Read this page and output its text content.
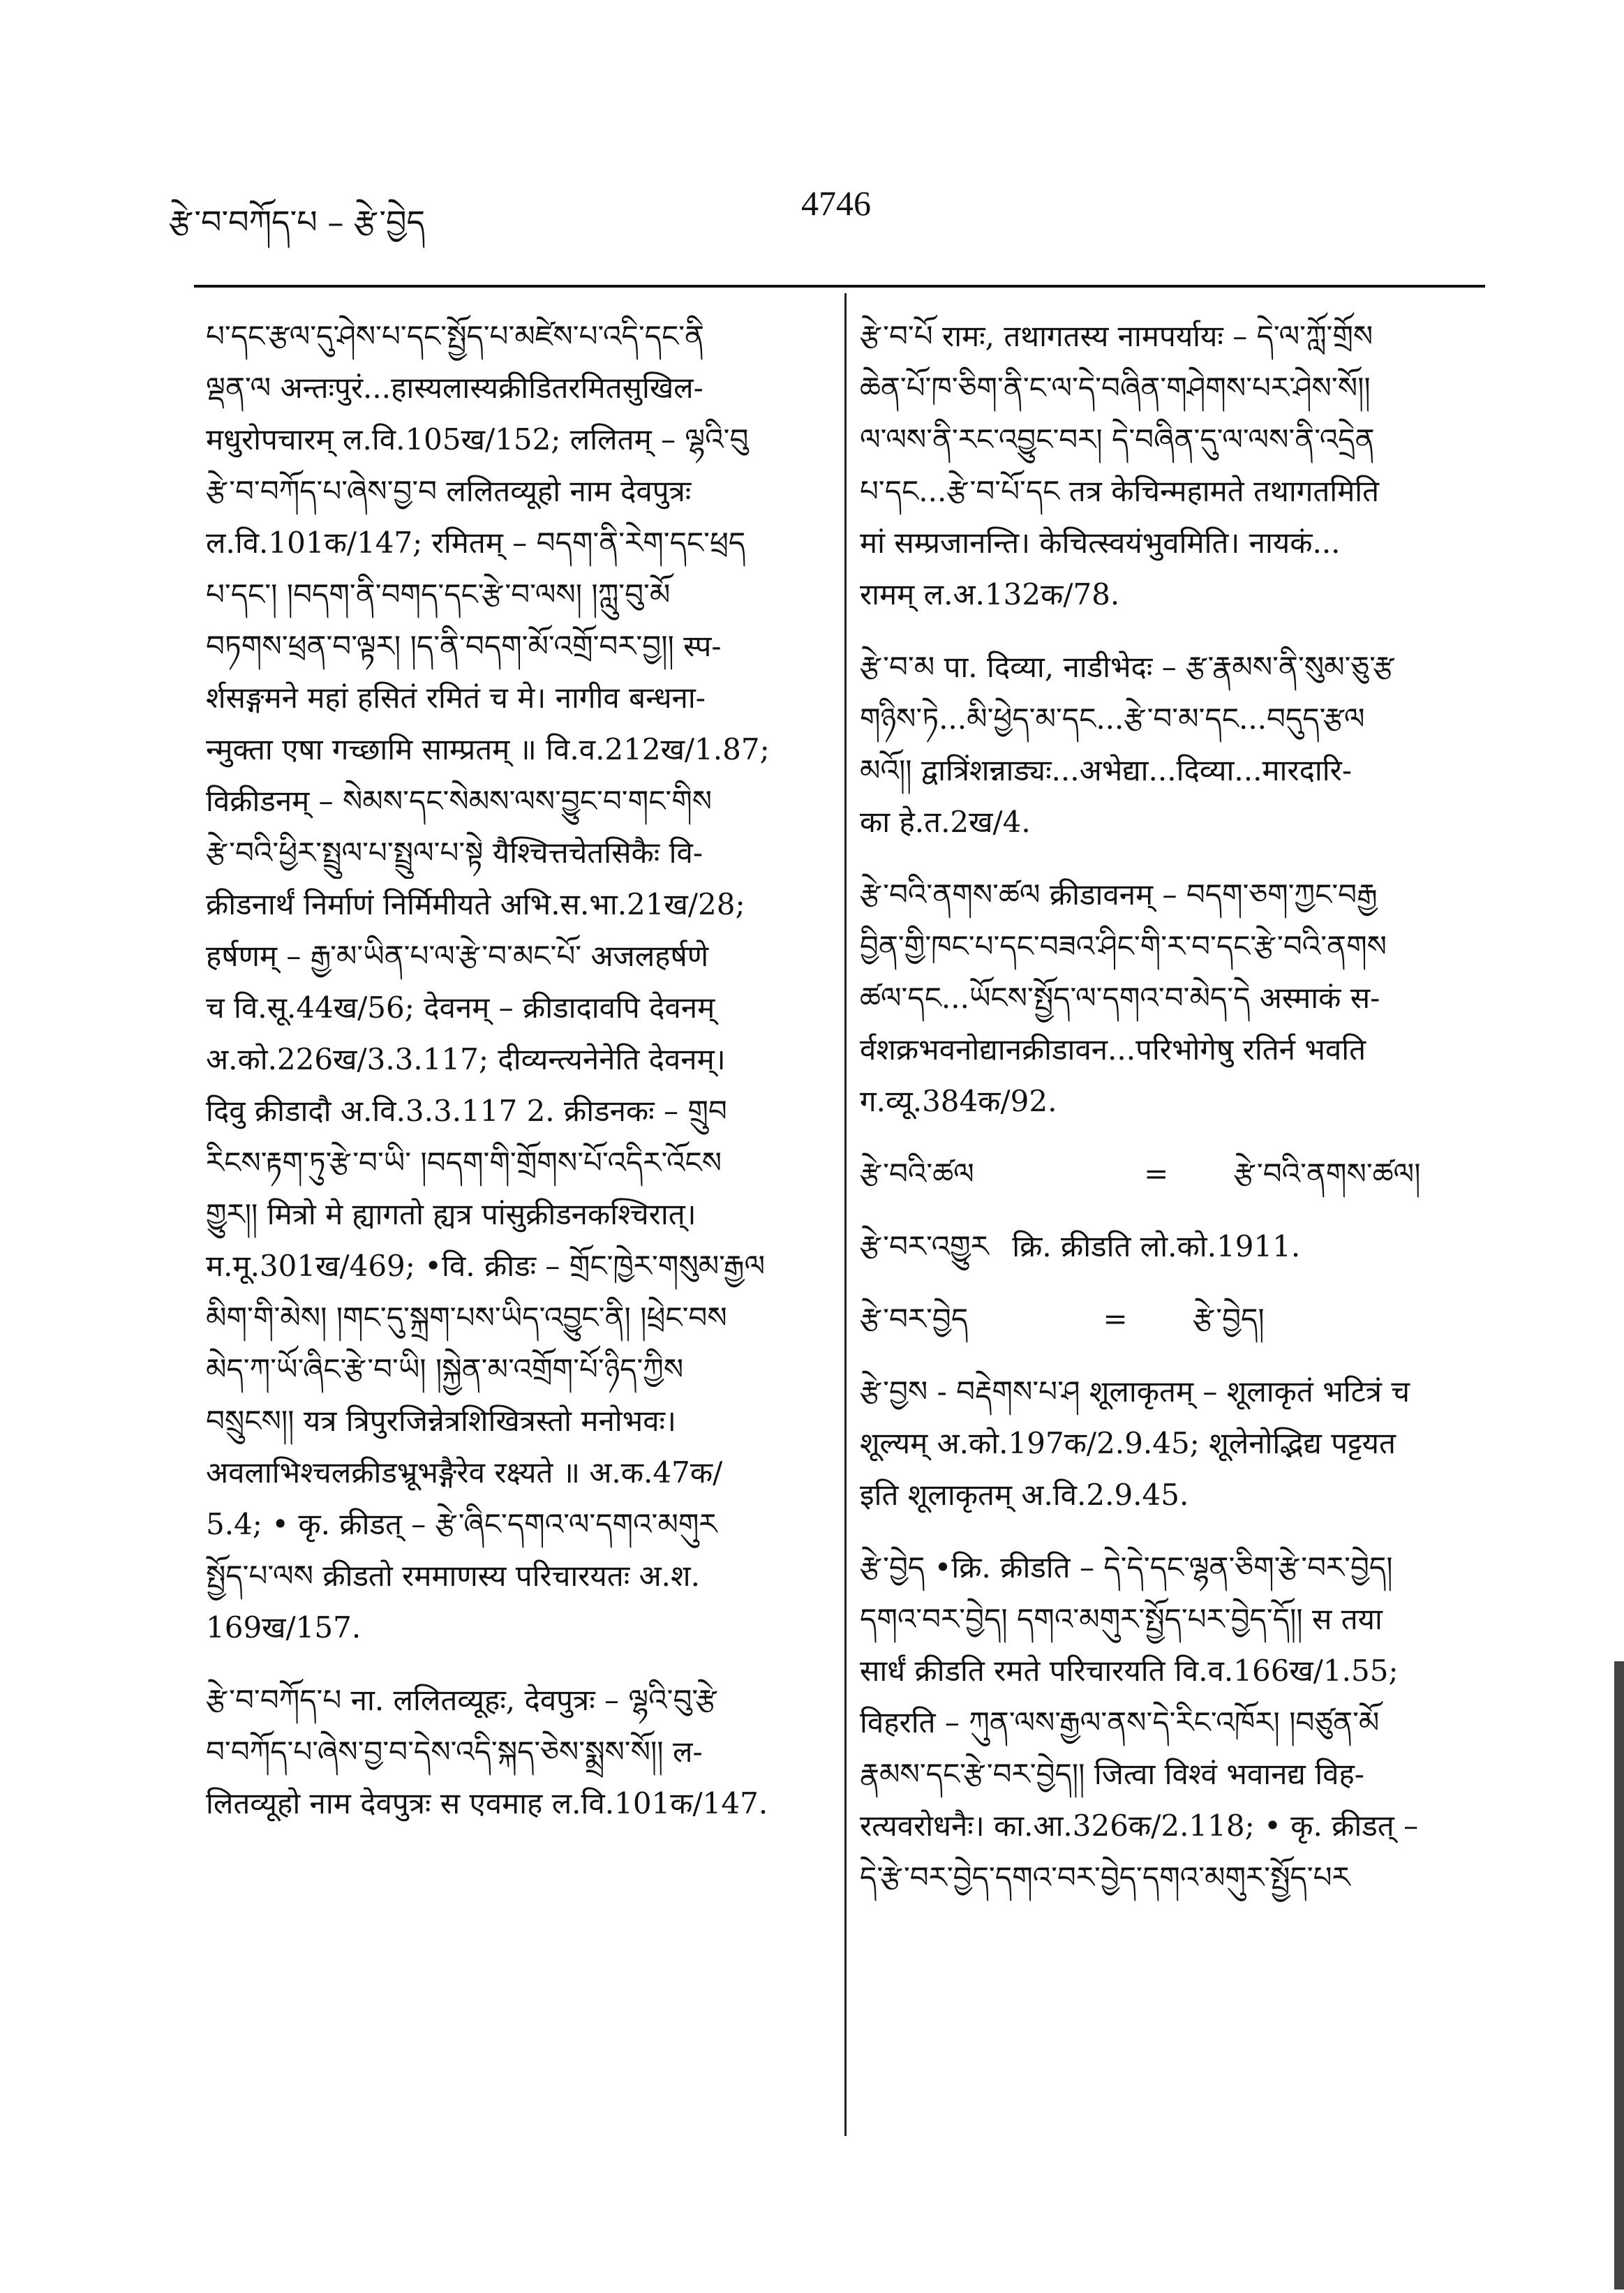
རྩེ་བ་བཀོད་པ – རྩེ་བྱེད	4746
པ་དང་རྩལ་དུ་ཤེས་པ་དང་སྤྱོད་པ་མཛེས་པ་འདི་དང་ནི
ལྡན་ལ अन्तःपुरं...हास्यलास्यक्रीडितरमितसुखिल-
मधुरोपचारम् ल.वि.105ख/152; ललितम् – ལྷའི་བུ
རྩེ་བ་བཀོད་པ་ཞེས་བྱ་བ ललितव्यूहो नाम देवपुत्रः
ल.वि.101क/147; रमितम् – བདག་ནི་རེག་དང་ཕྲད
པ་དང་། །བདག་ནི་བགད་དང་རྩེ་བ་ལས། །ཀླུ་བུ་མོ
བཏགས་ཕྲན་བ་ལྟར། །ད་ནི་བདག་མོ་འགྲོ་བར་བྱ།། स्प-
र्शसङ्गमने महां हसितं रमितं च मे। नागीव बन्धना-
न्मुक्ता एषा गच्छामि साम्प्रतम् ॥ वि.व.212ख/1.87;
विक्रीडनम् – སེམས་དང་སེམས་ལས་བྱུང་བ་གང་གིས
རྩེ་བའི་ཕྱིར་སྤྲུལ་པ་སྤྲུལ་པ་སྟེ यैश्चित्तचेतसिकैः वि-
क्रीडनार्थं निर्माणं निर्मिमीयते अभि.स.भा.21ख/28;
हर्षणम् – རྒྱ་མ་ཡིན་པ་ལ་རྩེ་བ་མང་པོ་ अजलहर्षणे
च वि.सू.44ख/56; देवनम् – क्रीडादावपि देवनम्
अ.को.226ख/3.3.117; दीव्यन्त्यनेनेति देवनम्।
दिवु क्रीडादौ अ.वि.3.3.117 2. क्रीडनकः – གྲུབ
རིངས་རྟག་ཏུ་རྩེ་བ་ཡི་ །བདག་གི་གྲོགས་པོ་འདིར་འོངས
གྱུར།། मित्रो मे ह्यागतो ह्यत्र पांसुक्रीडनकश्चिरात्।
म.मू.301ख/469; •वि. क्रीडः – གྲོང་ཁྱེར་གསུམ་རྒྱལ
མིག་གི་མེས། །གང་དུ་སྐྲག་པས་ཡིད་འབྱུང་ནི། །ཕྲེང་བས
མེད་ཀ་ཡོ་ཞིང་རྩེ་བ་ཡི། །སྐྱེན་མ་འགྲོག་པོ་ཉིད་ཀྱིས
བསྲུངས།། यत्र त्रिपुरजिन्नेत्रशिखित्रस्तो मनोभवः।
अवलाभिश्चलक्रीडभ्रूभङ्गैरेव रक्ष्यते ॥ अ.क.47क/
5.4; • कृ. क्रीडत् – རྩེ་ཞིང་དགའ་ལ་དགའ་མགུར
སྤྱོད་པ་ལས क्रीडतो रममाणस्य परिचारयतः अ.श.
169ख/157.
རྩེ་བ་བཀོད་པ ना. ललितव्यूहः, देवपुत्रः – ལྷའི་བུ་རྩེ
བ་བཀོད་པ་ཞེས་བྱ་བ་དེས་འདི་སྐད་ཅེས་སྨྲས་སོ།། ल-
लितव्यूहो नाम देवपुत्रः स एवमाह ल.वि.101क/147.
རྩེ་བ་པོ रामः, तथागतस्य नामपर्यायः – དེ་ལ་ཀློ་གྲོས
ཆེན་པོ་ཁ་ཅིག་ནི་ང་ལ་དེ་བཞིན་གཤེགས་པར་ཤེས་སོ།།
ལ་ལས་ནི་རང་འབྱུང་བར། དེ་བཞིན་དུ་ལ་ལས་ནི་འདྲེན
པ་དང...རྩེ་བ་པོ་དང तत्र केचिन्महामते तथागतमिति
मां सम्प्रजानन्ति। केचित्स्वयंभुवमिति। नायकं...
रामम् ल.अ.132क/78.
རྩེ་བ་མ पा. दिव्या, नाडीभेदः – རྩ་རྣམས་ནི་སུམ་ཅུ་རྩ
གཉིས་ཏེ...མི་ཕྱེད་མ་དང...རྩེ་བ་མ་དང...བདུད་རྩལ
མའོ།། द्वात्रिंशन्नाड्यः...अभेद्या...दिव्या...मारदारि-
का हे.त.2ख/4.
རྩེ་བའི་ནགས་ཚལ क्रीडावनम् – བདག་ཅག་ཀྱང་བརྒྱ
བྱིན་གྱི་ཁང་པ་དང་བཟའ་ཤིང་གི་ར་བ་དང་རྩེ་བའི་ནགས
ཚལ་དང...ཡོངས་སྤྱོད་ལ་དགའ་བ་མེད་དེ अस्माकं स-
र्वशक्रभवनोद्यानक्रीडावन...परिभोगेषु रतिर्न भवति
ग.व्यू.384क/92.
རྩེ་བའི་ཚལ	= རྩེ་བའི་ནགས་ཚལ།
རྩེ་བར་འགྱུར क्रि. क्रीडति लो.को.1911.
རྩེ་བར་བྱེད	= རྩེ་བྱེད།
རྩེ་བྱས - བརྡེགས་པ་ཤ शूलाकृतम् – शूलाकृतं भटित्रं च
शूल्यम् अ.को.197क/2.9.45; शूलेनोद्भिद्य पट्टयत
इति शूलाकृतम् अ.वि.2.9.45.
རྩེ་བྱེད •क्रि. क्रीडति – དེ་དེ་དང་ལྷན་ཅིག་རྩེ་བར་བྱེད།
དགའ་བར་བྱེད། དགའ་མགུར་སྤྱོད་པར་བྱེད་དོ།། स तया
सार्धं क्रीडति रमते परिचारयति वि.व.166ख/1.55;
विहरति – ཀུན་ལས་རྒྱལ་ནས་དེ་རིང་འཁོར། །བཙུན་མོ
རྣམས་དང་རྩེ་བར་བྱེད།། जित्वा विश्वं भवानद्य विह-
रत्यवरोधनैः। का.आ.326क/2.118; • कृ. क्रीडत् –
དེ་རྩེ་བར་བྱེད་དགའ་བར་བྱེད་དགའ་མགུར་སྤྱོད་པར
